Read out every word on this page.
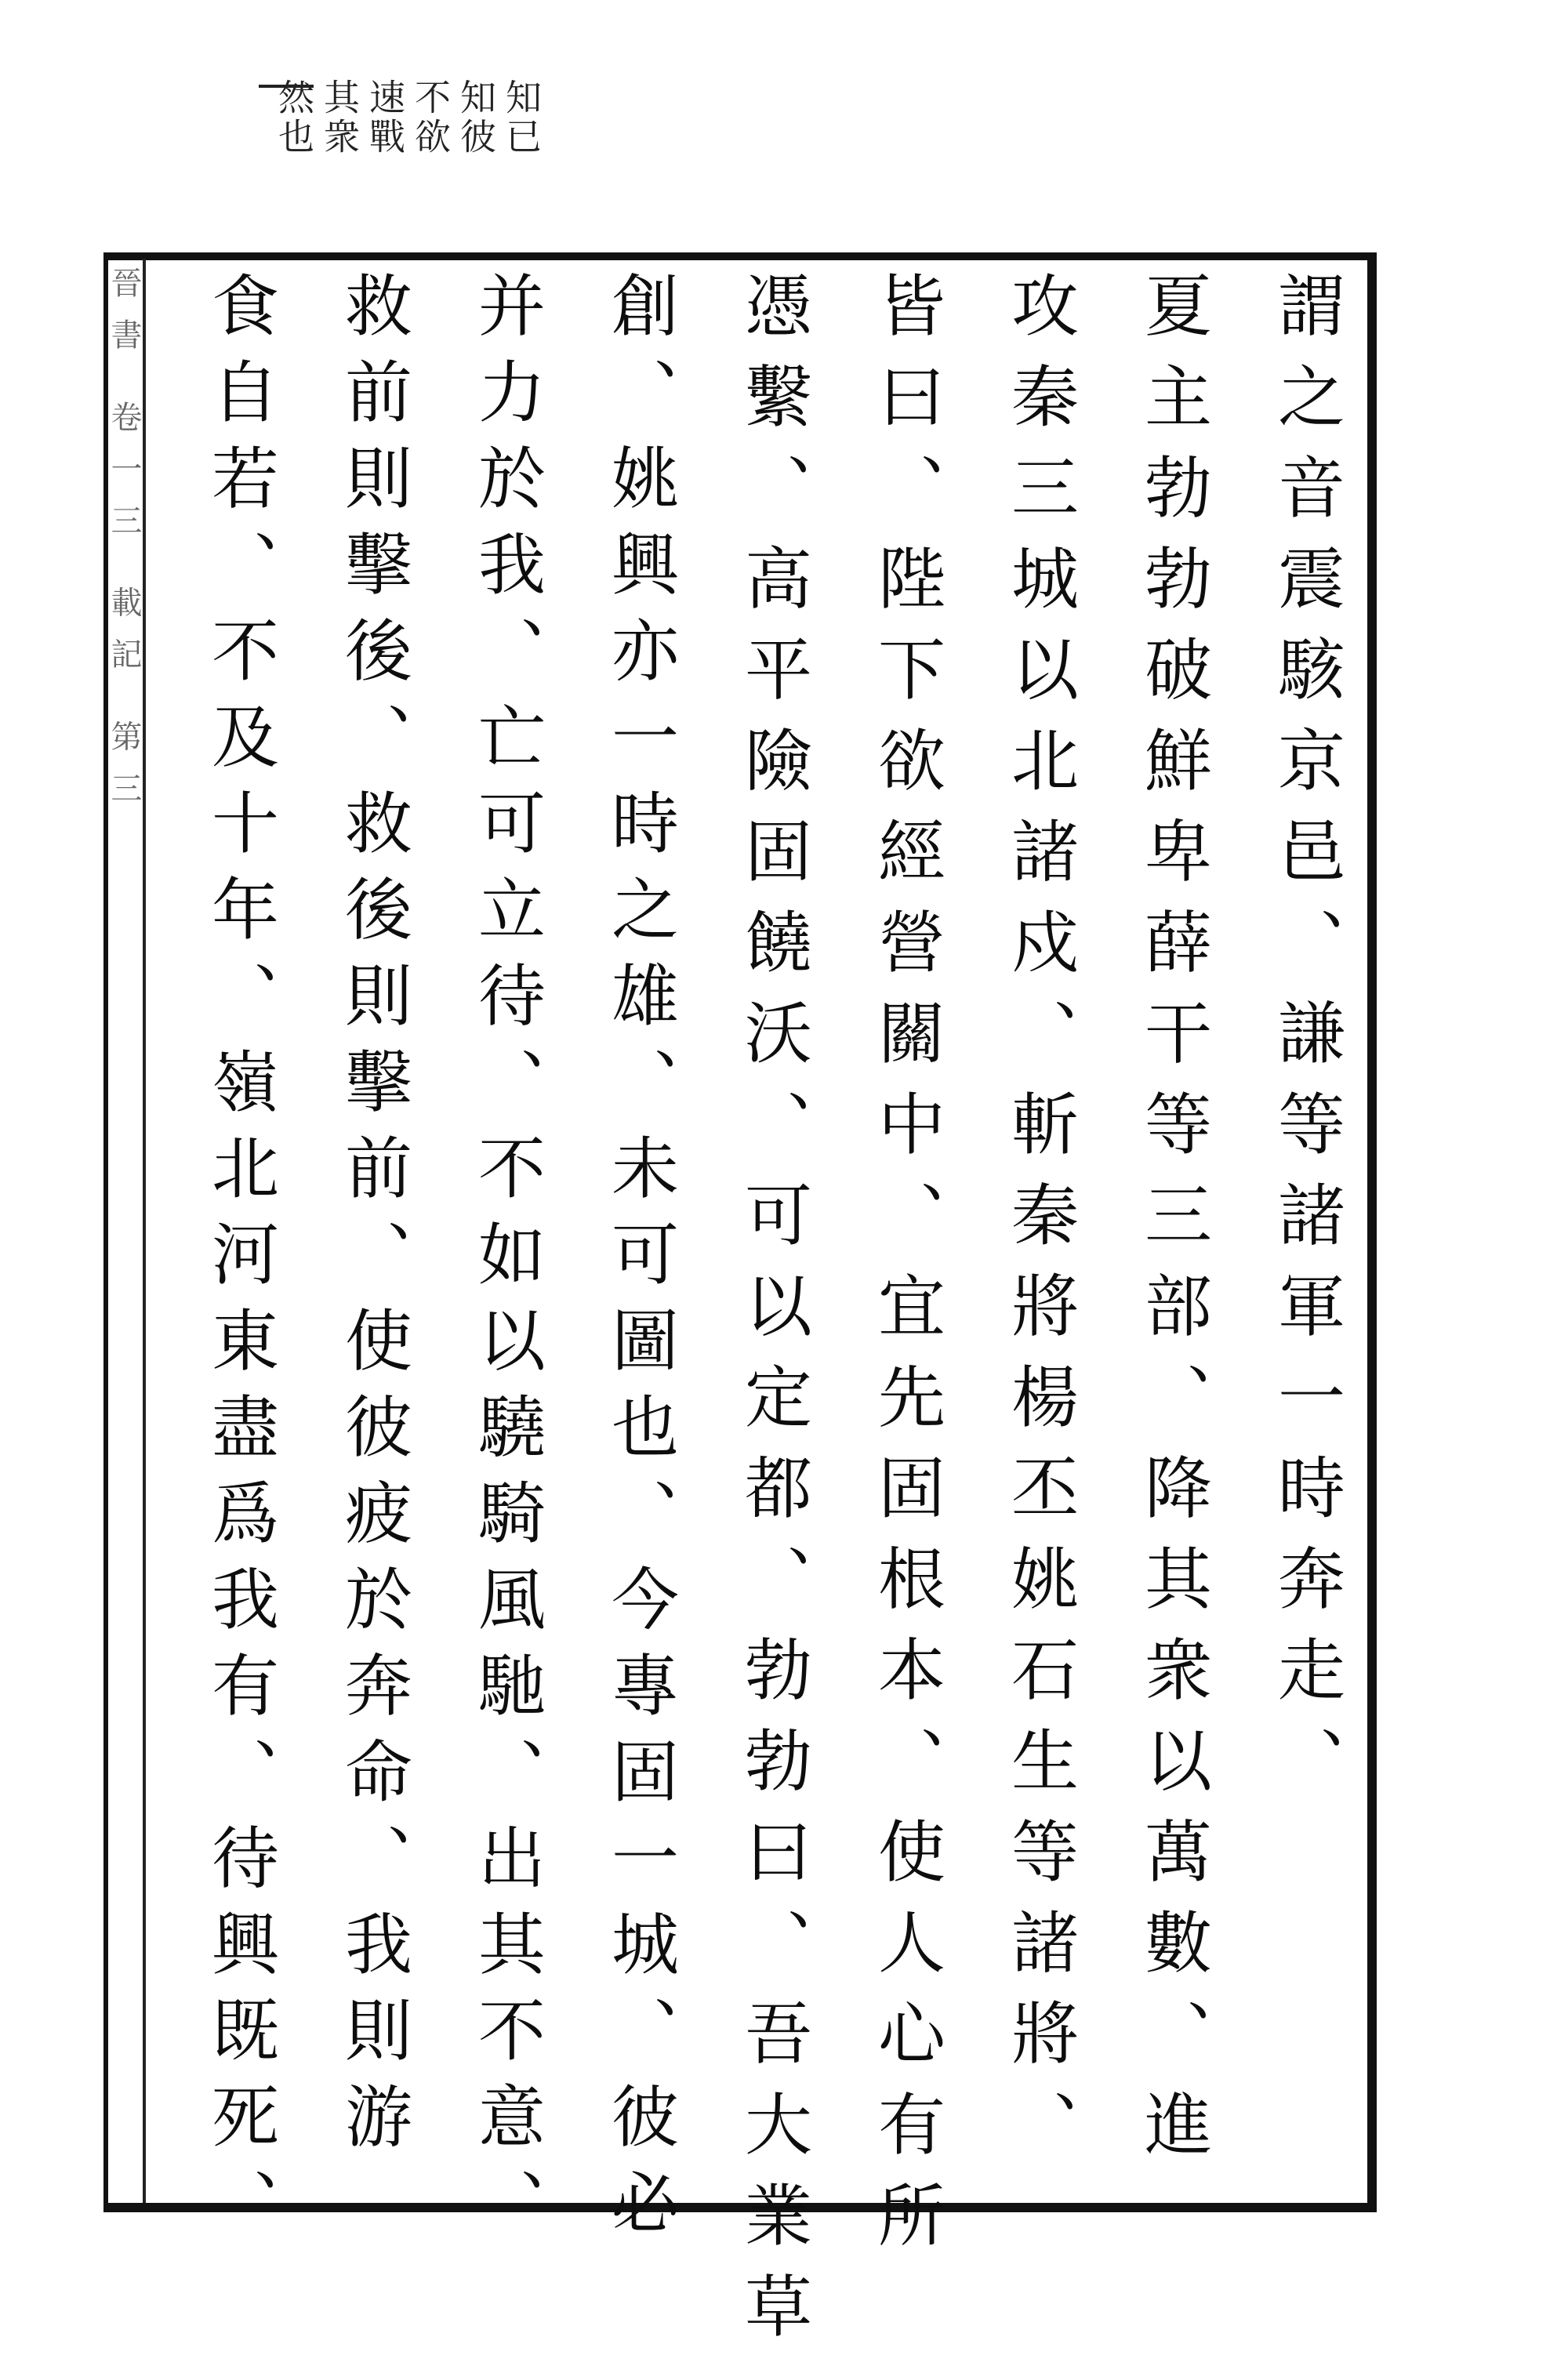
知已
知彼
不欲
速戰
其衆
然也
晉書 卷一三 載記 第三	謂之音震駭京邑、謙等諸軍一時奔走、
夏主勃勃破鮮卑薛干等三部、降其衆以萬數、進
攻秦三城以北諸戍、斬秦將楊丕姚石生等諸將、
皆曰、陛下欲經營關中、宜先固根本、使人心有所
憑繫、高平險固饒沃、可以定都、勃勃曰、吾大業草
創、姚興亦一時之雄、未可圖也、今專固一城、彼必
并力於我、亡可立待、不如以驍騎風馳、出其不意、
救前則擊後、救後則擊前、使彼疲於奔命、我則游
食自若、不及十年、嶺北河東盡爲我有、待興既死、
